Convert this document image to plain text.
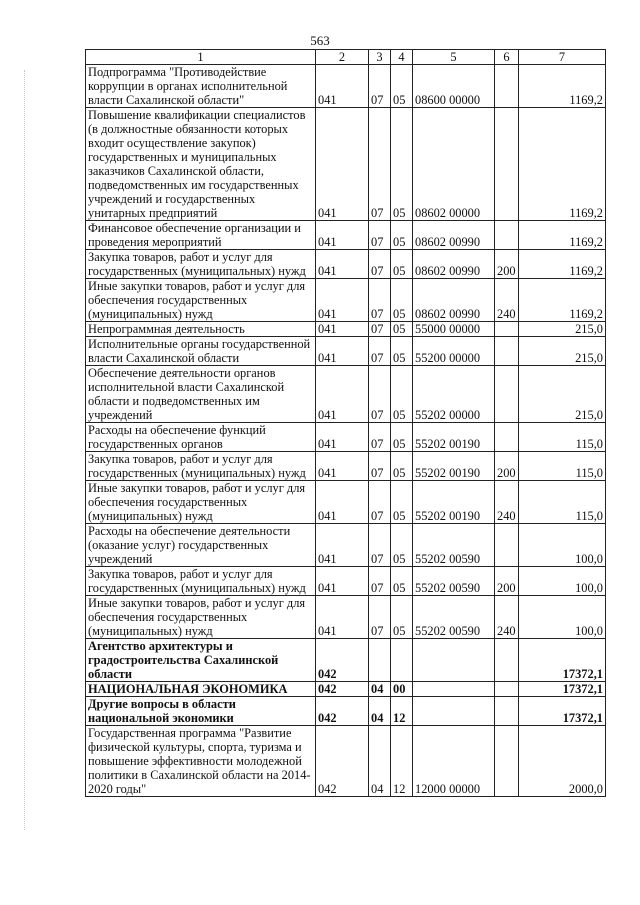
563
1	2	3	4	5	6	7
Подпрограмма "Противодействие коррупции в органах исполнительной власти Сахалинской области"	041	07	05	08600 00000		1169,2
Повышение квалификации специалистов (в должностные обязанности которых входит осуществление закупок) государственных и муниципальных заказчиков Сахалинской области, подведомственных им государственных учреждений и государственных унитарных предприятий	041	07	05	08602 00000		1169,2
Финансовое обеспечение организации и проведения мероприятий	041	07	05	08602 00990		1169,2
Закупка товаров, работ и услуг для государственных (муниципальных) нужд	041	07	05	08602 00990	200	1169,2
Иные закупки товаров, работ и услуг для обеспечения государственных (муниципальных) нужд	041	07	05	08602 00990	240	1169,2
Непрограммная деятельность	041	07	05	55000 00000		215,0
Исполнительные органы государственной власти Сахалинской области	041	07	05	55200 00000		215,0
Обеспечение деятельности органов исполнительной власти Сахалинской области и подведомственных им учреждений	041	07	05	55202 00000		215,0
Расходы на обеспечение функций государственных органов	041	07	05	55202 00190		115,0
Закупка товаров, работ и услуг для государственных (муниципальных) нужд	041	07	05	55202 00190	200	115,0
Иные закупки товаров, работ и услуг для обеспечения государственных (муниципальных) нужд	041	07	05	55202 00190	240	115,0
Расходы на обеспечение деятельности (оказание услуг) государственных учреждений	041	07	05	55202 00590		100,0
Закупка товаров, работ и услуг для государственных (муниципальных) нужд	041	07	05	55202 00590	200	100,0
Иные закупки товаров, работ и услуг для обеспечения государственных (муниципальных) нужд	041	07	05	55202 00590	240	100,0
Агентство архитектуры и градостроительства Сахалинской области	042					17372,1
НАЦИОНАЛЬНАЯ ЭКОНОМИКА	042	04	00			17372,1
Другие вопросы в области национальной экономики	042	04	12			17372,1
Государственная программа "Развитие физической культуры, спорта, туризма и повышение эффективности молодежной политики в Сахалинской области на 2014-2020 годы"	042	04	12	12000 00000		2000,0
